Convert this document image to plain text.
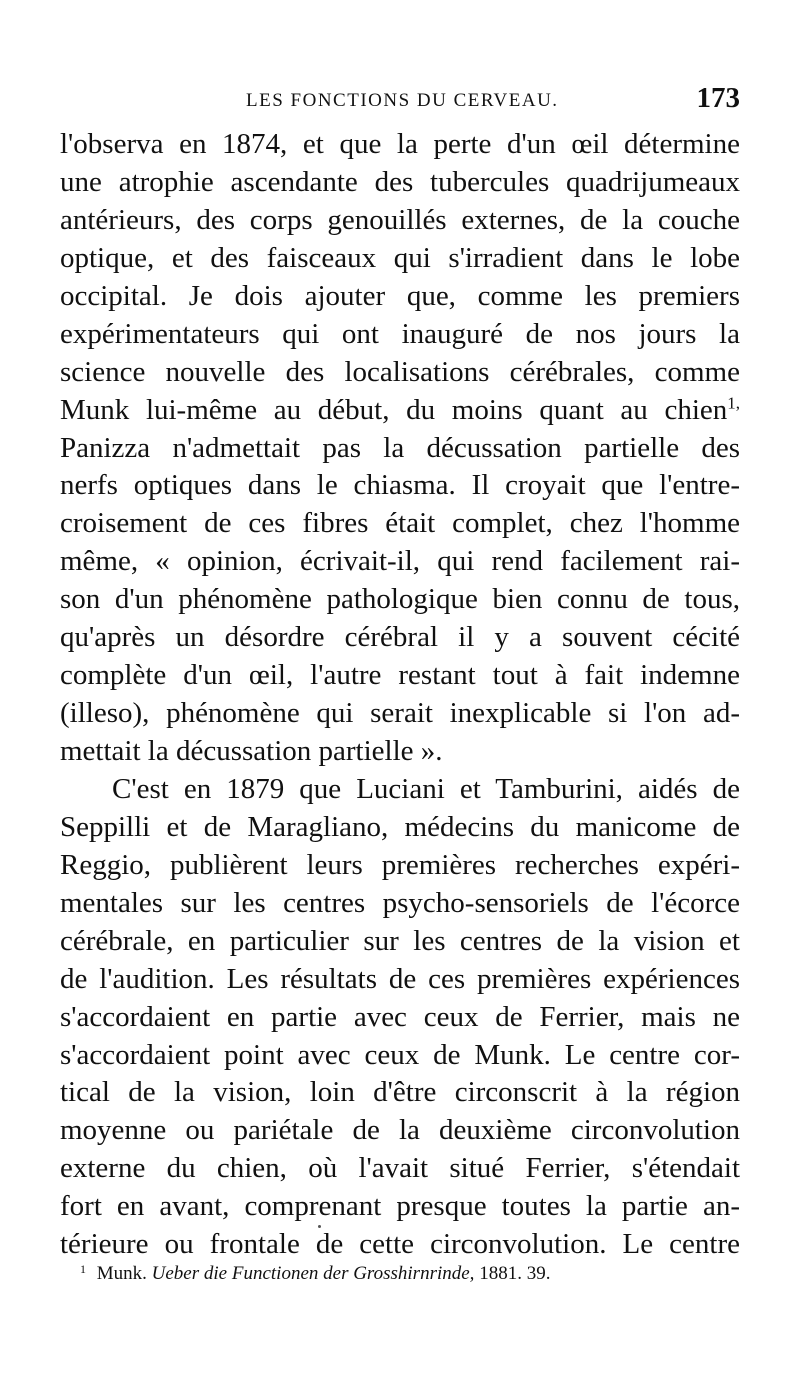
LES FONCTIONS DU CERVEAU.	173
l'observa en 1874, et que la perte d'un œil détermine
une atrophie ascendante des tubercules quadrijumeaux
antérieurs, des corps genouillés externes, de la couche
optique, et des faisceaux qui s'irradient dans le lobe
occipital. Je dois ajouter que, comme les premiers
expérimentateurs qui ont inauguré de nos jours la
science nouvelle des localisations cérébrales, comme
Munk lui-même au début, du moins quant au chien$^{1,}$
Panizza n'admettait pas la décussation partielle des
nerfs optiques dans le chiasma. Il croyait que l'entre-
croisement de ces fibres était complet, chez l'homme
même, « opinion, écrivait-il, qui rend facilement rai-
son d'un phénomène pathologique bien connu de tous,
qu'après un désordre cérébral il y a souvent cécité
complète d'un œil, l'autre restant tout à fait indemne
(illeso), phénomène qui serait inexplicable si l'on ad-
mettait la décussation partielle ».
C'est en 1879 que Luciani et Tamburini, aidés de
Seppilli et de Maragliano, médecins du manicome de
Reggio, publièrent leurs premières recherches expéri-
mentales sur les centres psycho-sensoriels de l'écorce
cérébrale, en particulier sur les centres de la vision et
de l'audition. Les résultats de ces premières expériences
s'accordaient en partie avec ceux de Ferrier, mais ne
s'accordaient point avec ceux de Munk. Le centre cor-
tical de la vision, loin d'être circonscrit à la région
moyenne ou pariétale de la deuxième circonvolution
externe du chien, où l'avait situé Ferrier, s'étendait
fort en avant, comprenant presque toutes la partie an-
térieure ou frontale de cette circonvolution. Le centre
$^1$ Munk. Ueber die Functionen der Grosshirnrinde, 1881. 39.
